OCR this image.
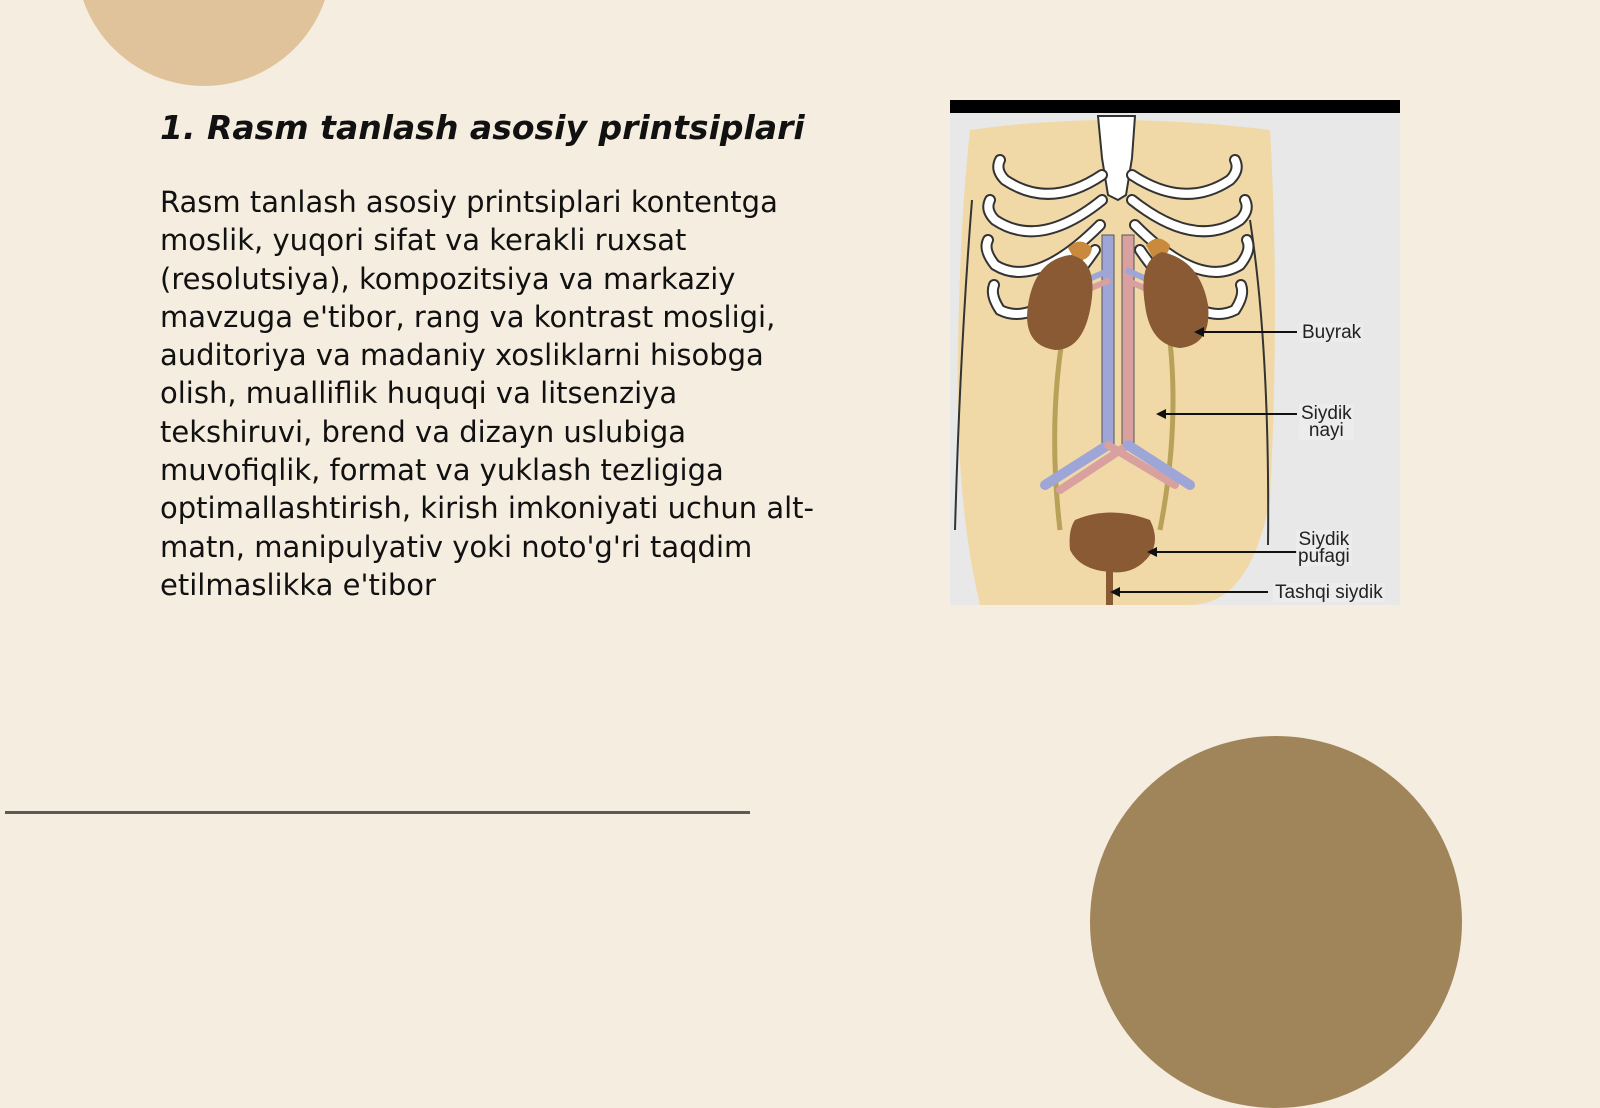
1. Rasm tanlash asosiy printsiplari
Rasm tanlash asosiy printsiplari kontentga
moslik, yuqori sifat va kerakli ruxsat
(resolutsiya), kompozitsiya va markaziy
mavzuga e'tibor, rang va kontrast mosligi,
auditoriya va madaniy xosliklarni hisobga
olish, mualliflik huquqi va litsenziya
tekshiruvi, brend va dizayn uslubiga
muvofiqlik, format va yuklash tezligiga
optimallashtirish, kirish imkoniyati uchun alt-
matn, manipulyativ yoki noto'g'ri taqdim
etilmaslikka e'tibor
Buyrak
Siydik
nayi
Siydik
pufagi
Tashqi siydik
